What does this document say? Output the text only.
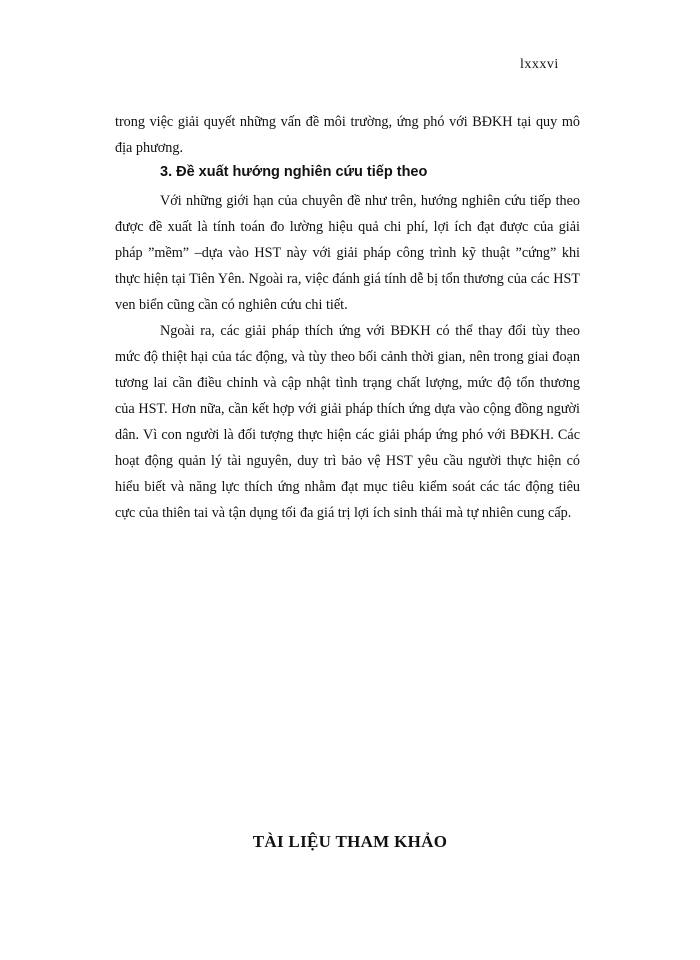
lxxxvi

trong việc giải quyết những vấn đề môi trường, ứng phó với BĐKH tại quy mô địa phương.

3. Đề xuất hướng nghiên cứu tiếp theo

Với những giới hạn của chuyên đề như trên, hướng nghiên cứu tiếp theo được đề xuất là tính toán đo lường hiệu quả chi phí, lợi ích đạt được của giải pháp ”mềm” –dựa vào HST này với giải pháp công trình kỹ thuật ”cứng” khi thực hiện tại Tiên Yên. Ngoài ra, việc đánh giá tính dễ bị tổn thương của các HST ven biển cũng cần có nghiên cứu chi tiết.

Ngoài ra, các giải pháp thích ứng với BĐKH có thể thay đổi tùy theo mức độ thiệt hại của tác động, và tùy theo bối cảnh thời gian, nên trong giai đoạn tương lai cần điều chỉnh và cập nhật tình trạng chất lượng, mức độ tổn thương của HST. Hơn nữa, cần kết hợp với giải pháp thích ứng dựa vào cộng đồng người dân. Vì con người là đối tượng thực hiện các giải pháp ứng phó với BĐKH. Các hoạt động quản lý tài nguyên, duy trì bảo vệ HST yêu cầu người thực hiện có hiểu biết và năng lực thích ứng nhằm đạt mục tiêu kiểm soát các tác động tiêu cực của thiên tai và tận dụng tối đa giá trị lợi ích sinh thái mà tự nhiên cung cấp.

TÀI LIỆU THAM KHẢO
